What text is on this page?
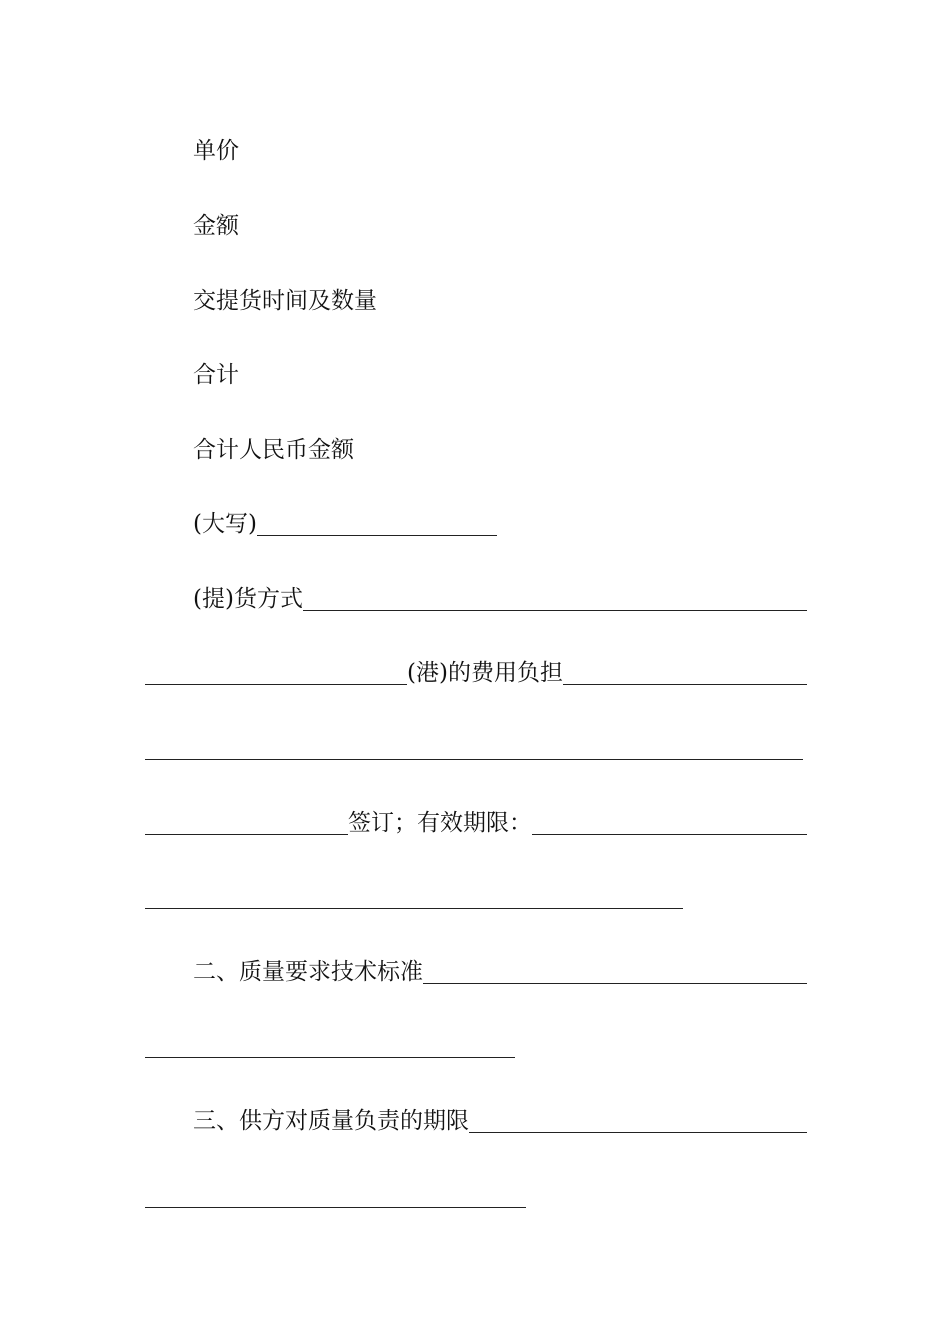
单价
金额
交提货时间及数量
合计
合计人民币金额
(大写)
(提)货方式
(港)的费用负担
签订；有效期限：
二、质量要求技术标准
三、供方对质量负责的期限
